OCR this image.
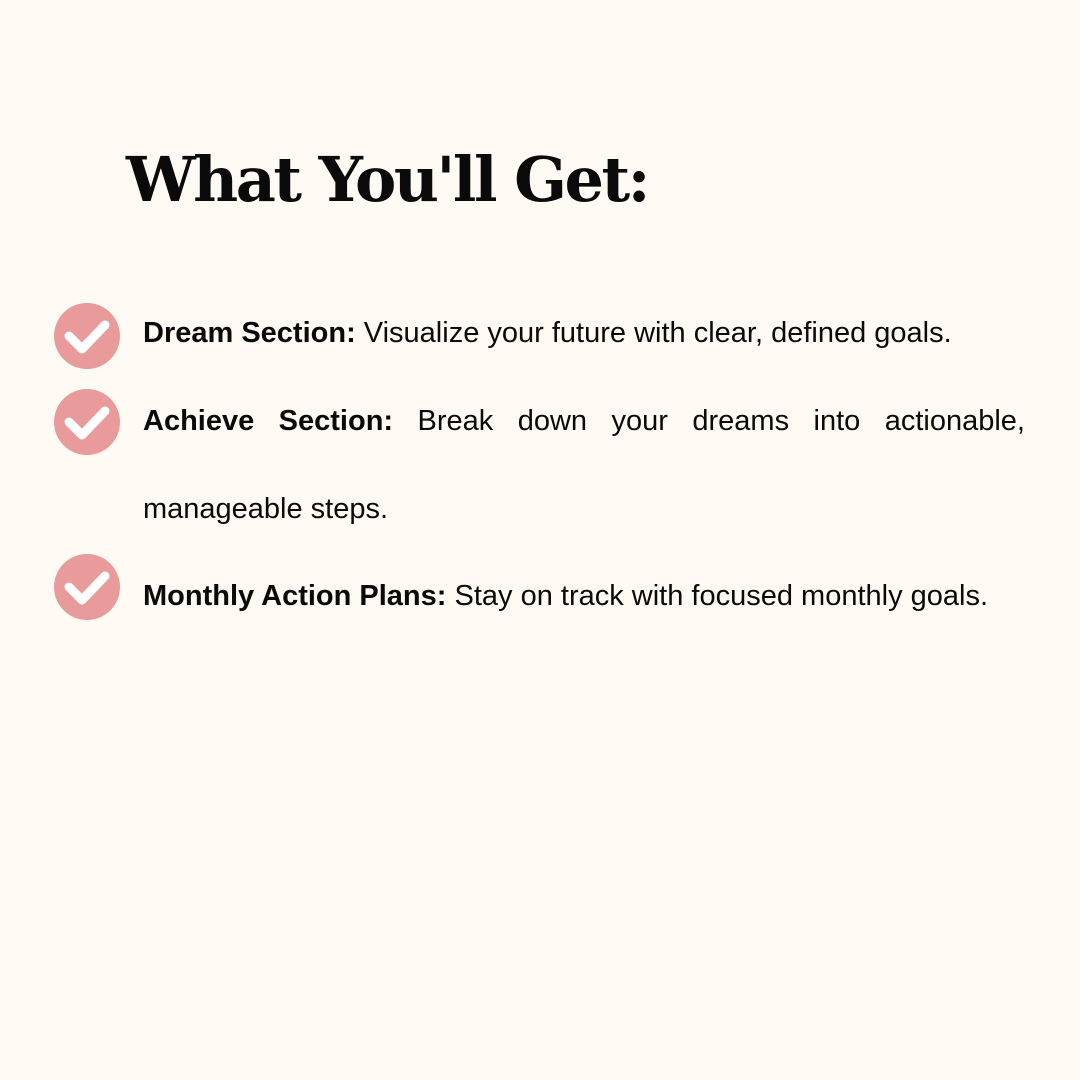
What You'll Get:
Dream Section: Visualize your future with clear, defined goals.
Achieve Section: Break down your dreams into actionable, manageable steps.
Monthly Action Plans: Stay on track with focused monthly goals.
